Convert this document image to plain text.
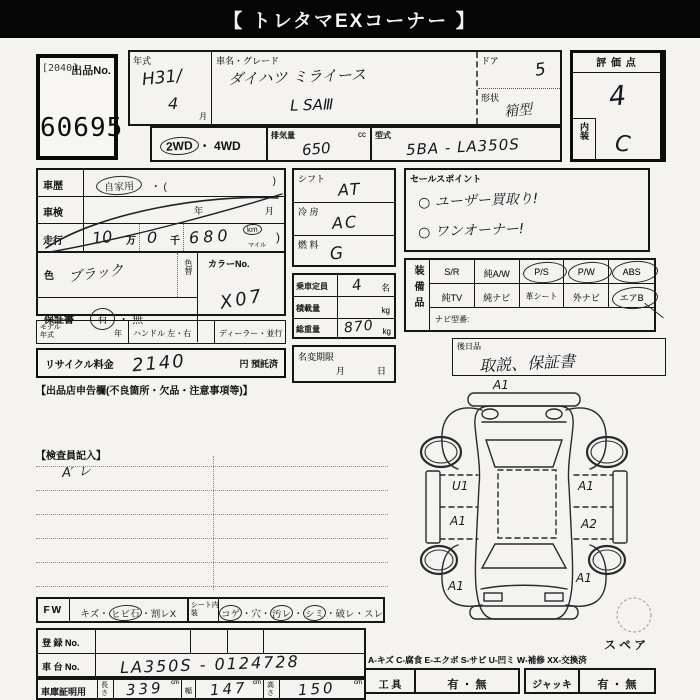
【 トレタマEXコーナー 】
[2040]
出品No.
60695
年式
H31/
4
月
車名・グレード
ダイハツ ミライース
L SAⅢ
ドア 5
形状
箱型
2WD ・ 4WD
排気量	cc
650
型式 5BA - LA350S
評 価 点
4
内装
C
車歴	自家用 ・ (
)
車検	年	月
走行	10 万 0 千 680	km
マイル
)
色 ブラック	色替
保証書	有 ・ 無
カラーNo.
X07
モデル年式	年	ハンドル 左・右	ディーラー・並行
リサイクル料金 2140	円 預託済
【出品店申告欄(不良箇所・欠品・注意事項等)】
シフト
AT
冷 房
AC
燃 料 G
乗車定員	4 名
積載量	kg
総重量	870 kg
名変期限
月	日
セールスポイント
○ ユーザー買取り!
○ ワンオーナー!
装備品	S/R	純A/W	P/S	P/W	ABS
純TV	純ナビ	革シート	外ナビ	エアB
ナビ型番:
後日品
取説、保証書
【検査員記入】
A′ レ
FW	キズ・ ヒビ石 ・割レX
シート内装	コゲ ・穴・ 汚レ ・ シミ ・破レ・スレ
登 録 No.
車 台 No.	LA350S - 0124728
車庫証明用
長さ 339 cm
幅 147 cm 高さ 150	cm
A1
U1
A1
A1
A2
A1
A1
スペア
A-キズ C-腐食 E-エクボ S-サビ U-凹ミ W-補修 XX-交換済
工 具	有 ・ 無	ジャッキ	有 ・ 無
